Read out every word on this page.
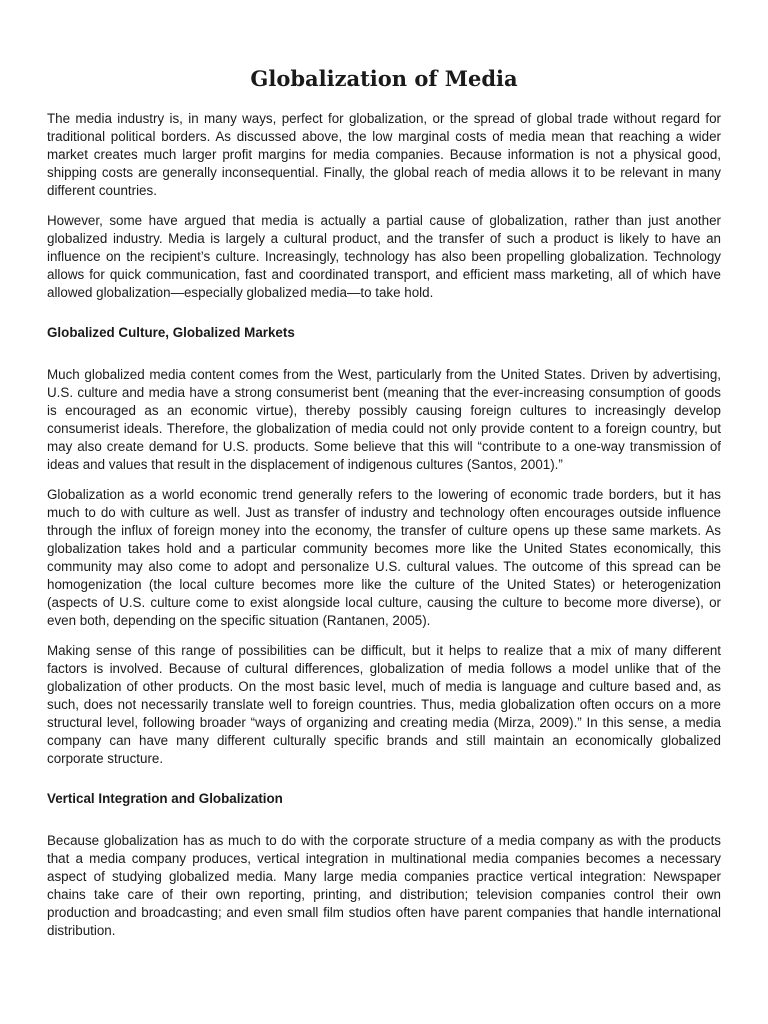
Globalization of Media

The media industry is, in many ways, perfect for globalization, or the spread of global trade without regard for traditional political borders. As discussed above, the low marginal costs of media mean that reaching a wider market creates much larger profit margins for media companies. Because information is not a physical good, shipping costs are generally inconsequential. Finally, the global reach of media allows it to be relevant in many different countries.

However, some have argued that media is actually a partial cause of globalization, rather than just another globalized industry. Media is largely a cultural product, and the transfer of such a product is likely to have an influence on the recipient’s culture. Increasingly, technology has also been propelling globalization. Technology allows for quick communication, fast and coordinated transport, and efficient mass marketing, all of which have allowed globalization—especially globalized media—to take hold.

Globalized Culture, Globalized Markets

Much globalized media content comes from the West, particularly from the United States. Driven by advertising, U.S. culture and media have a strong consumerist bent (meaning that the ever-increasing consumption of goods is encouraged as an economic virtue), thereby possibly causing foreign cultures to increasingly develop consumerist ideals. Therefore, the globalization of media could not only provide content to a foreign country, but may also create demand for U.S. products. Some believe that this will “contribute to a one-way transmission of ideas and values that result in the displacement of indigenous cultures (Santos, 2001).”

Globalization as a world economic trend generally refers to the lowering of economic trade borders, but it has much to do with culture as well. Just as transfer of industry and technology often encourages outside influence through the influx of foreign money into the economy, the transfer of culture opens up these same markets. As globalization takes hold and a particular community becomes more like the United States economically, this community may also come to adopt and personalize U.S. cultural values. The outcome of this spread can be homogenization (the local culture becomes more like the culture of the United States) or heterogenization (aspects of U.S. culture come to exist alongside local culture, causing the culture to become more diverse), or even both, depending on the specific situation (Rantanen, 2005).

Making sense of this range of possibilities can be difficult, but it helps to realize that a mix of many different factors is involved. Because of cultural differences, globalization of media follows a model unlike that of the globalization of other products. On the most basic level, much of media is language and culture based and, as such, does not necessarily translate well to foreign countries. Thus, media globalization often occurs on a more structural level, following broader “ways of organizing and creating media (Mirza, 2009).” In this sense, a media company can have many different culturally specific brands and still maintain an economically globalized corporate structure.

Vertical Integration and Globalization

Because globalization has as much to do with the corporate structure of a media company as with the products that a media company produces, vertical integration in multinational media companies becomes a necessary aspect of studying globalized media. Many large media companies practice vertical integration: Newspaper chains take care of their own reporting, printing, and distribution; television companies control their own production and broadcasting; and even small film studios often have parent companies that handle international distribution.
